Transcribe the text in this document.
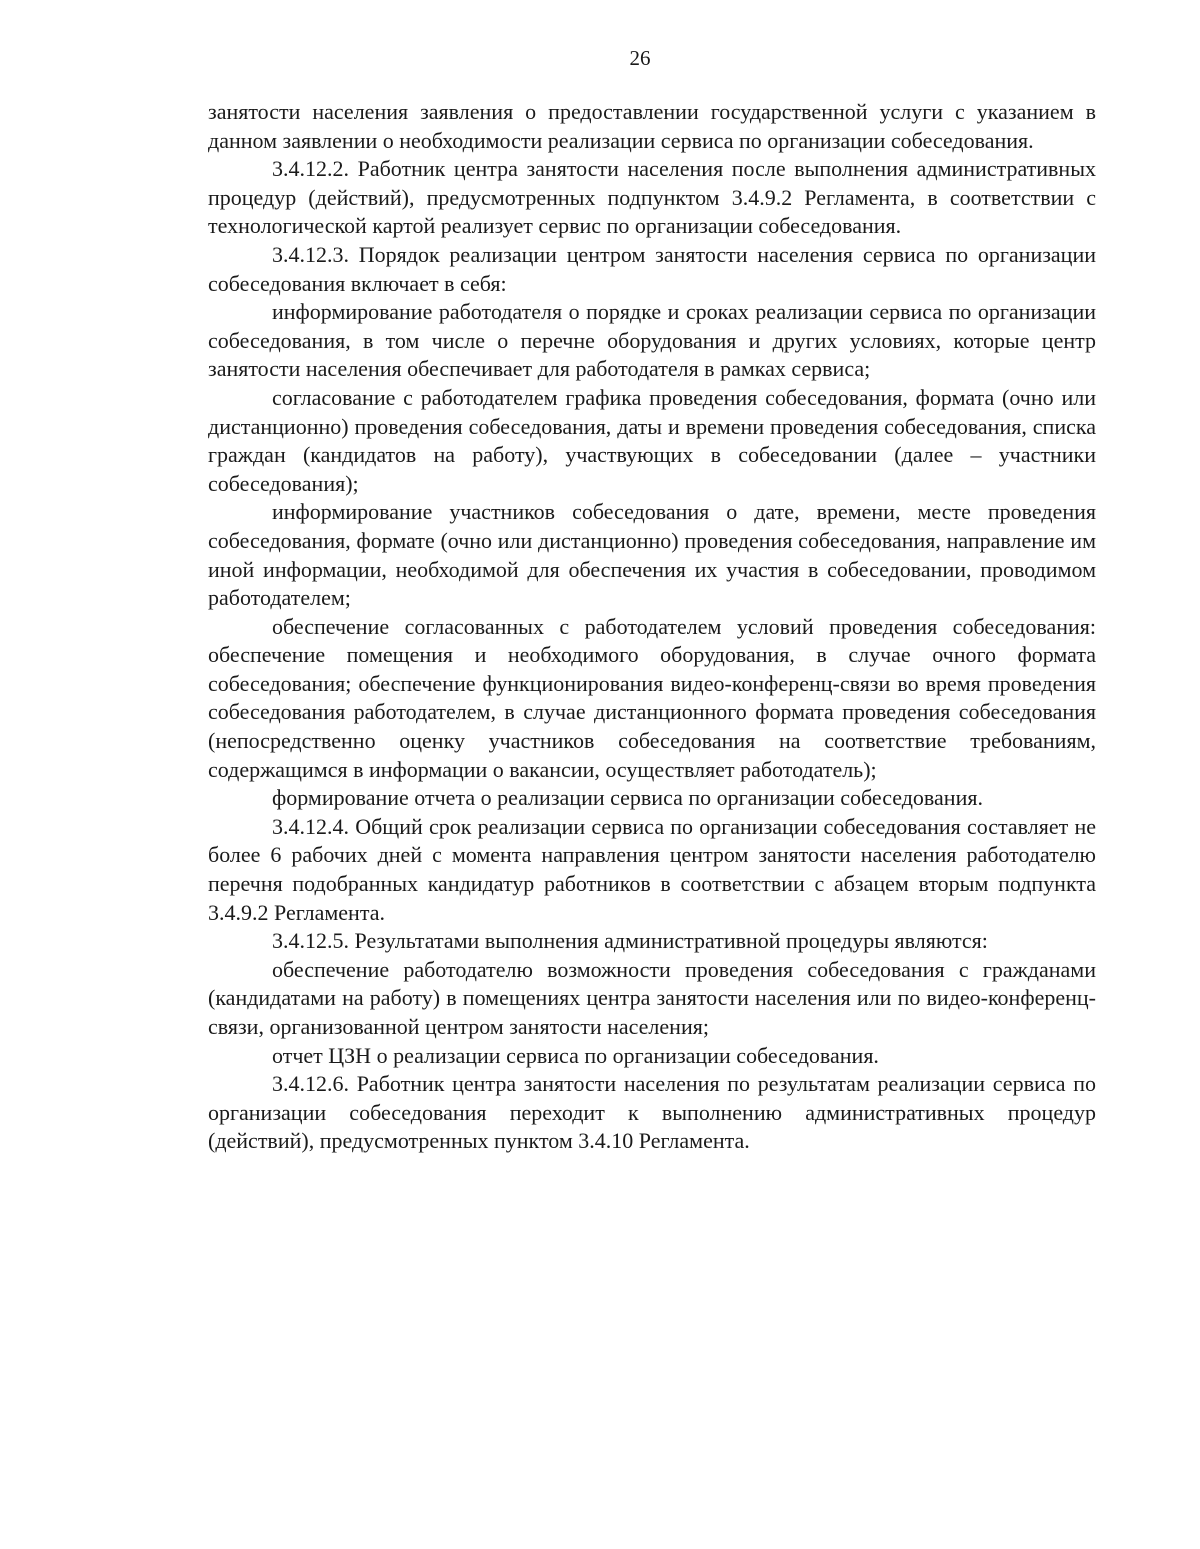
26

занятости населения заявления о предоставлении государственной услуги с указанием в данном заявлении о необходимости реализации сервиса по организации собеседования.

3.4.12.2. Работник центра занятости населения после выполнения административных процедур (действий), предусмотренных подпунктом 3.4.9.2 Регламента, в соответствии с технологической картой реализует сервис по организации собеседования.

3.4.12.3. Порядок реализации центром занятости населения сервиса по организации собеседования включает в себя:

информирование работодателя о порядке и сроках реализации сервиса по организации собеседования, в том числе о перечне оборудования и других условиях, которые центр занятости населения обеспечивает для работодателя в рамках сервиса;

согласование с работодателем графика проведения собеседования, формата (очно или дистанционно) проведения собеседования, даты и времени проведения собеседования, списка граждан (кандидатов на работу), участвующих в собеседовании (далее – участники собеседования);

информирование участников собеседования о дате, времени, месте проведения собеседования, формате (очно или дистанционно) проведения собеседования, направление им иной информации, необходимой для обеспечения их участия в собеседовании, проводимом работодателем;

обеспечение согласованных с работодателем условий проведения собеседования: обеспечение помещения и необходимого оборудования, в случае очного формата собеседования; обеспечение функционирования видео-конференц-связи во время проведения собеседования работодателем, в случае дистанционного формата проведения собеседования (непосредственно оценку участников собеседования на соответствие требованиям, содержащимся в информации о вакансии, осуществляет работодатель);

формирование отчета о реализации сервиса по организации собеседования.

3.4.12.4. Общий срок реализации сервиса по организации собеседования составляет не более 6 рабочих дней с момента направления центром занятости населения работодателю перечня подобранных кандидатур работников в соответствии с абзацем вторым подпункта 3.4.9.2 Регламента.

3.4.12.5. Результатами выполнения административной процедуры являются:

обеспечение работодателю возможности проведения собеседования с гражданами (кандидатами на работу) в помещениях центра занятости населения или по видео-конференц-связи, организованной центром занятости населения;

отчет ЦЗН о реализации сервиса по организации собеседования.

3.4.12.6. Работник центра занятости населения по результатам реализации сервиса по организации собеседования переходит к выполнению административных процедур (действий), предусмотренных пунктом 3.4.10 Регламента.
